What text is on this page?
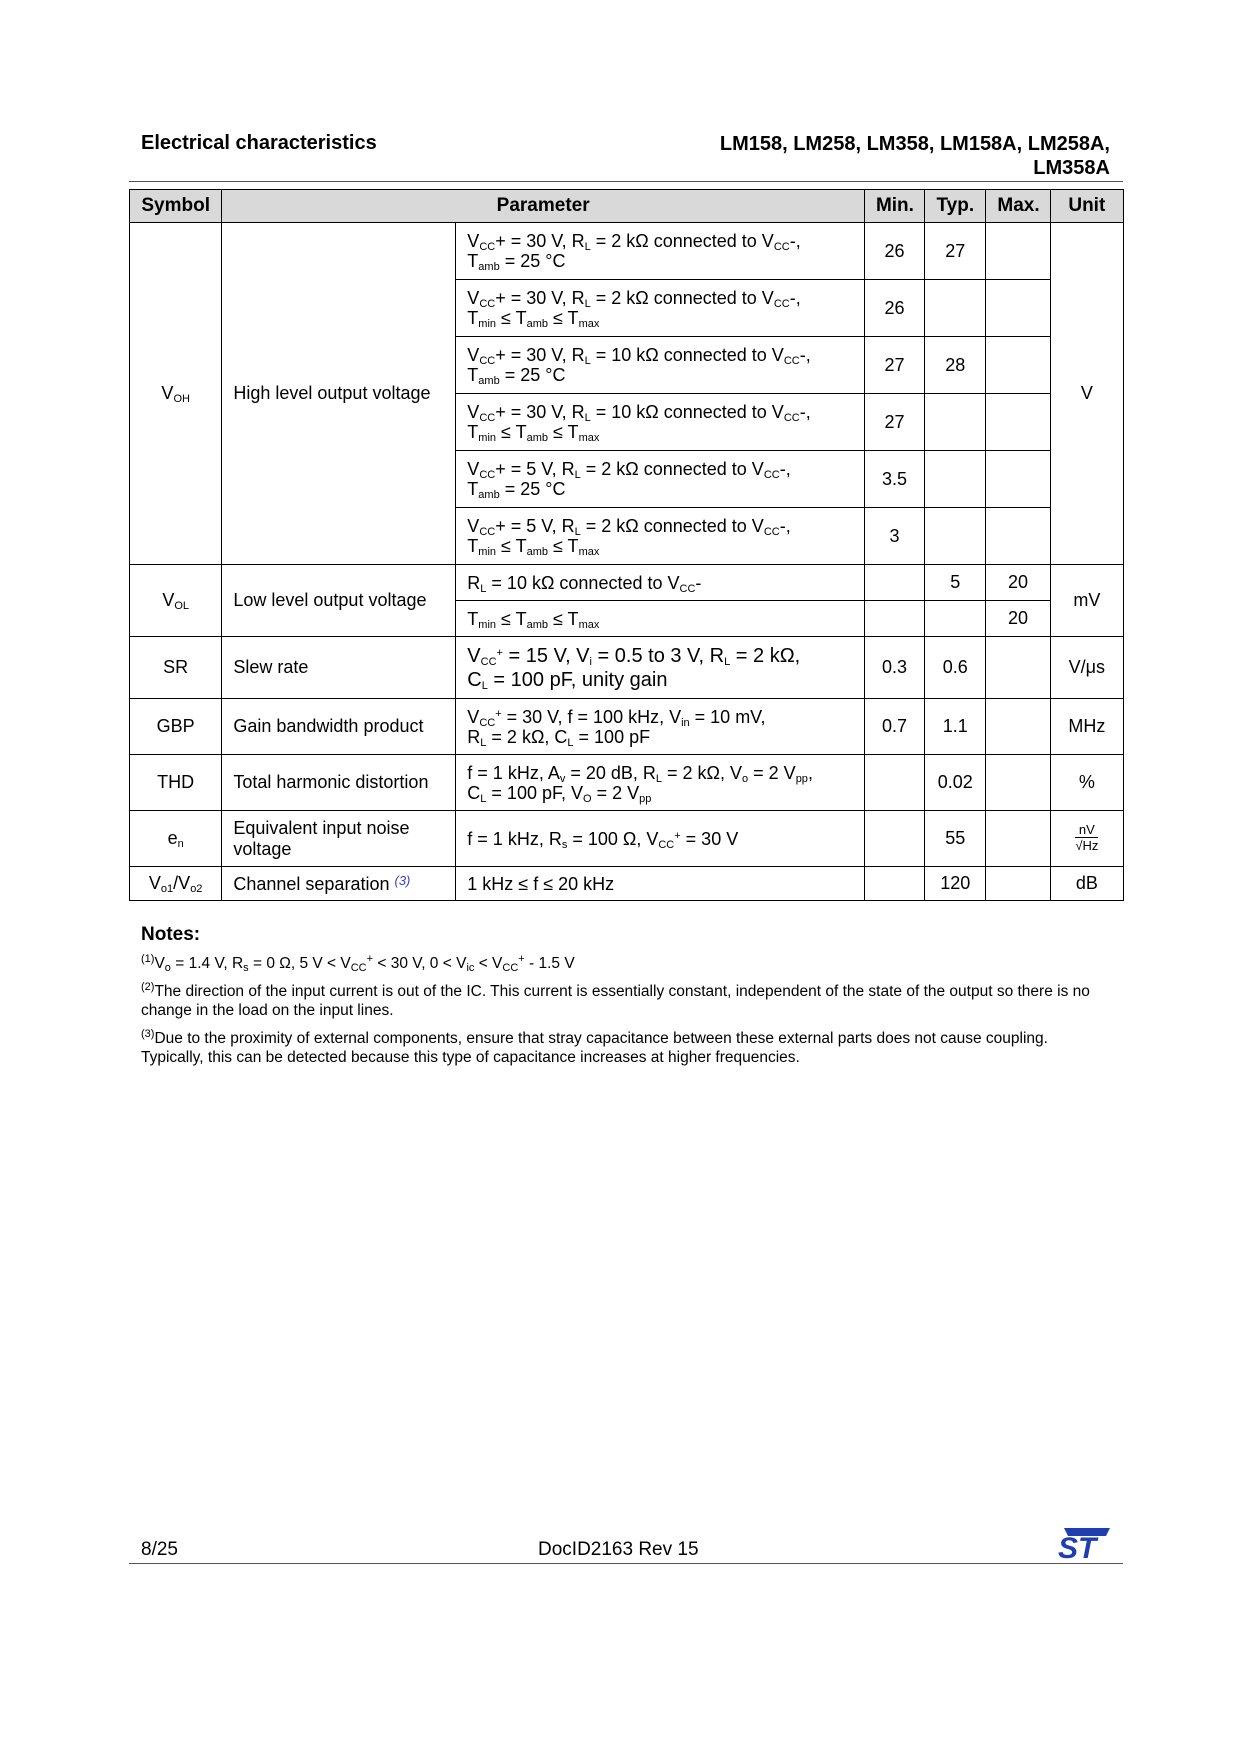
Electrical characteristics	LM158, LM258, LM358, LM158A, LM258A, LM358A
Symbol	Parameter		Min.	Typ.	Max.	Unit
$V_{OH}$	High level output voltage	$V_{CC}+ = 30$ V, $R_L = 2$ kΩ connected to $V_{CC}-$,
$T_{amb} = 25$ °C	26	27		V
		$V_{CC}+ = 30$ V, $R_L = 2$ kΩ connected to $V_{CC}-$,
$T_{min} \le T_{amb} \le T_{max}$	26			
		$V_{CC}+ = 30$ V, $R_L = 10$ kΩ connected to $V_{CC}-$,
$T_{amb} = 25$ °C	27	28		
		$V_{CC}+ = 30$ V, $R_L = 10$ kΩ connected to $V_{CC}-$,
$T_{min} \le T_{amb} \le T_{max}$	27			
		$V_{CC}+ = 5$ V, $R_L = 2$ kΩ connected to $V_{CC}-$,
$T_{amb} = 25$ °C	3.5			
		$V_{CC}+ = 5$ V, $R_L = 2$ kΩ connected to $V_{CC}-$,
$T_{min} \le T_{amb} \le T_{max}$	3			
$V_{OL}$	Low level output voltage	$R_L = 10$ kΩ connected to $V_{CC}-$		5	20	mV
		$T_{min} \le T_{amb} \le T_{max}$			20	
SR	Slew rate	$V_{CC}^+ = 15$ V, $V_i = 0.5$ to 3 V, $R_L = 2$ kΩ,
$C_L = 100$ pF, unity gain	0.3	0.6		V/μs
GBP	Gain bandwidth product	$V_{CC}^+ = 30$ V, f = 100 kHz, $V_{in} = 10$ mV,
$R_L = 2$ kΩ, $C_L = 100$ pF	0.7	1.1		MHz
THD	Total harmonic distortion	f = 1 kHz, $A_v = 20$ dB, $R_L = 2$ kΩ, $V_o = 2$ $V_{pp}$,
$C_L = 100$ pF, $V_O = 2$ $V_{pp}$		0.02		%
$e_n$	Equivalent input noise voltage	f = 1 kHz, $R_s = 100$ Ω, $V_{CC}^+ = 30$ V		55		$\frac{nV}{√Hz}$
$V_{o1}/V_{o2}$	Channel separation $^{(3)}$	1 kHz ≤ f ≤ 20 kHz		120		dB
Notes:
$^{(1)}V_o = 1.4$ V, $R_s = 0$ Ω, 5 $V < V_{CC}^+ < 30$ V, $0 < V_{ic} < V_{CC}^+ - 1.5$ V
$^{(2)}$The direction of the input current is out of the IC. This current is essentially constant, independent of the state of the output so there is no change in the load on the input lines.
$^{(3)}$Due to the proximity of external components, ensure that stray capacitance between these external parts does not cause coupling. Typically, this can be detected because this type of capacitance increases at higher frequencies.
8/25	DocID2163 Rev 15	ST
